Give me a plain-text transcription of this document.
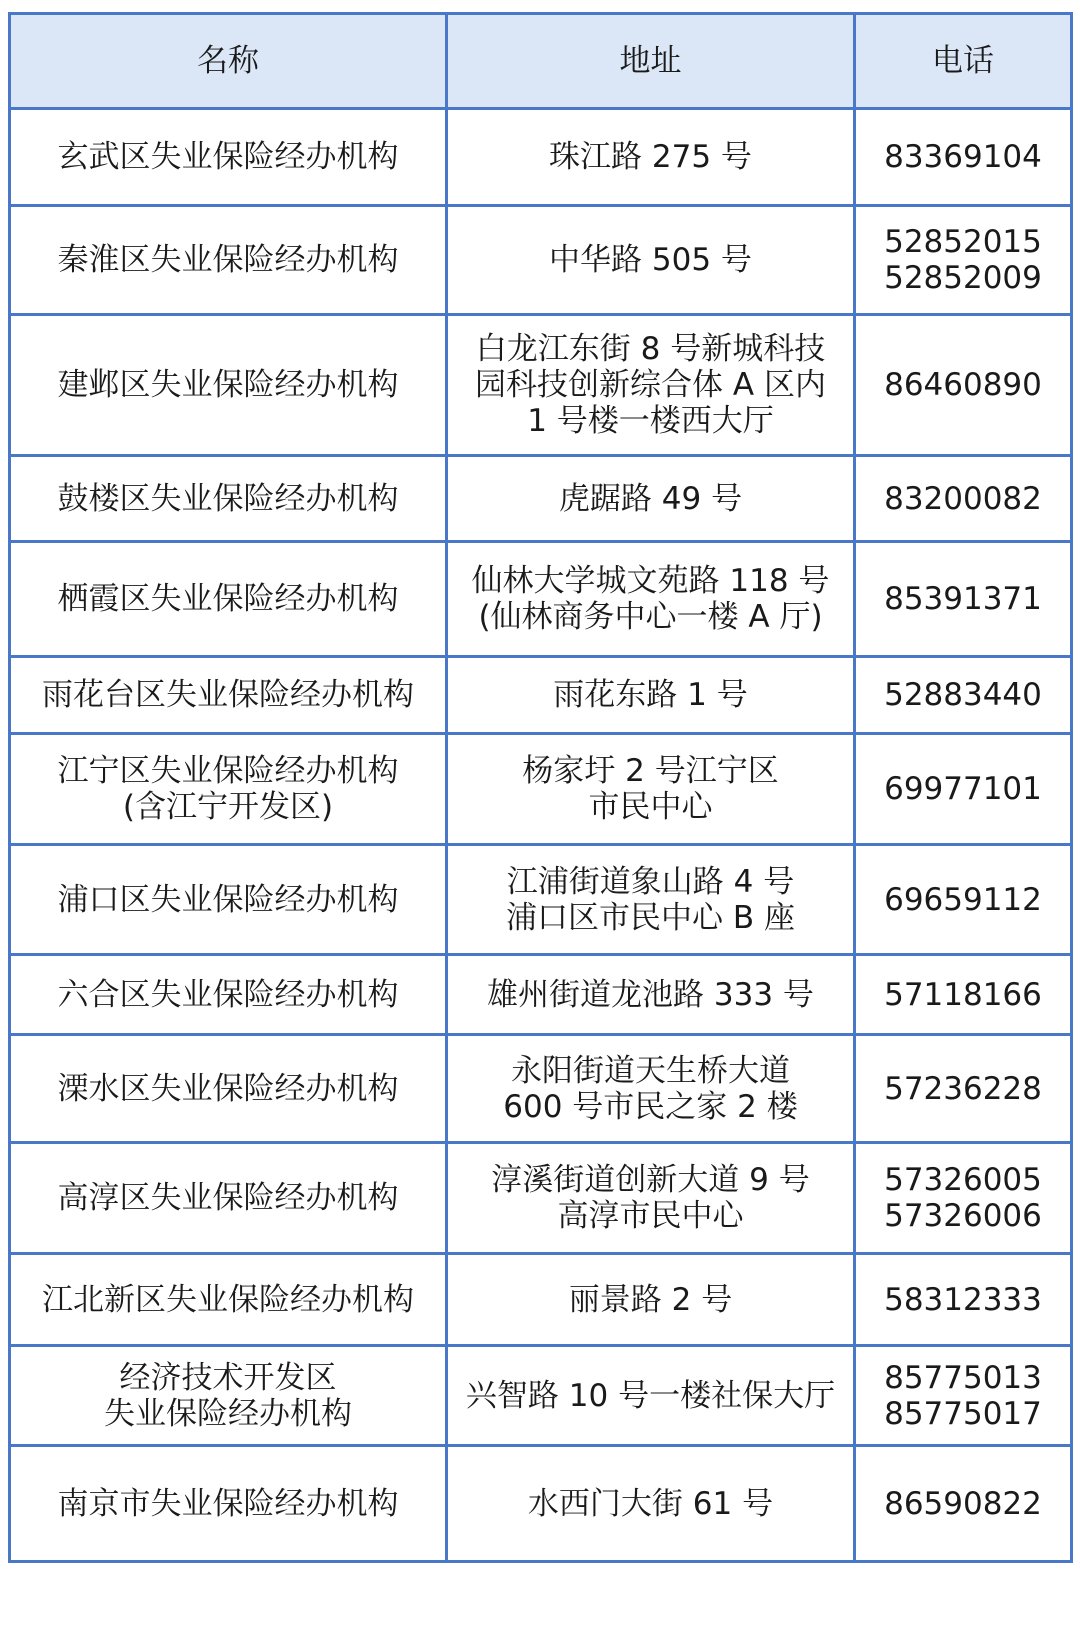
名称	地址	电话

玄武区失业保险经办机构	珠江路 275 号	83369104

秦淮区失业保险经办机构	中华路 505 号	52852015
52852009

建邺区失业保险经办机构	白龙江东街 8 号新城科技
园科技创新综合体 A 区内
1 号楼一楼西大厅	86460890

鼓楼区失业保险经办机构	虎踞路 49 号	83200082

栖霞区失业保险经办机构	仙林大学城文苑路 118 号
(仙林商务中心一楼 A 厅)	85391371

雨花台区失业保险经办机构	雨花东路 1 号	52883440

江宁区失业保险经办机构
(含江宁开发区)	杨家圩 2 号江宁区
市民中心	69977101

浦口区失业保险经办机构	江浦街道象山路 4 号
浦口区市民中心 B 座	69659112

六合区失业保险经办机构	雄州街道龙池路 333 号	57118166

溧水区失业保险经办机构	永阳街道天生桥大道
600 号市民之家 2 楼	57236228

高淳区失业保险经办机构	淳溪街道创新大道 9 号
高淳市民中心	57326005
57326006

江北新区失业保险经办机构	丽景路 2 号	58312333

经济技术开发区
失业保险经办机构	兴智路 10 号一楼社保大厅	85775013
85775017

南京市失业保险经办机构	水西门大街 61 号	86590822
